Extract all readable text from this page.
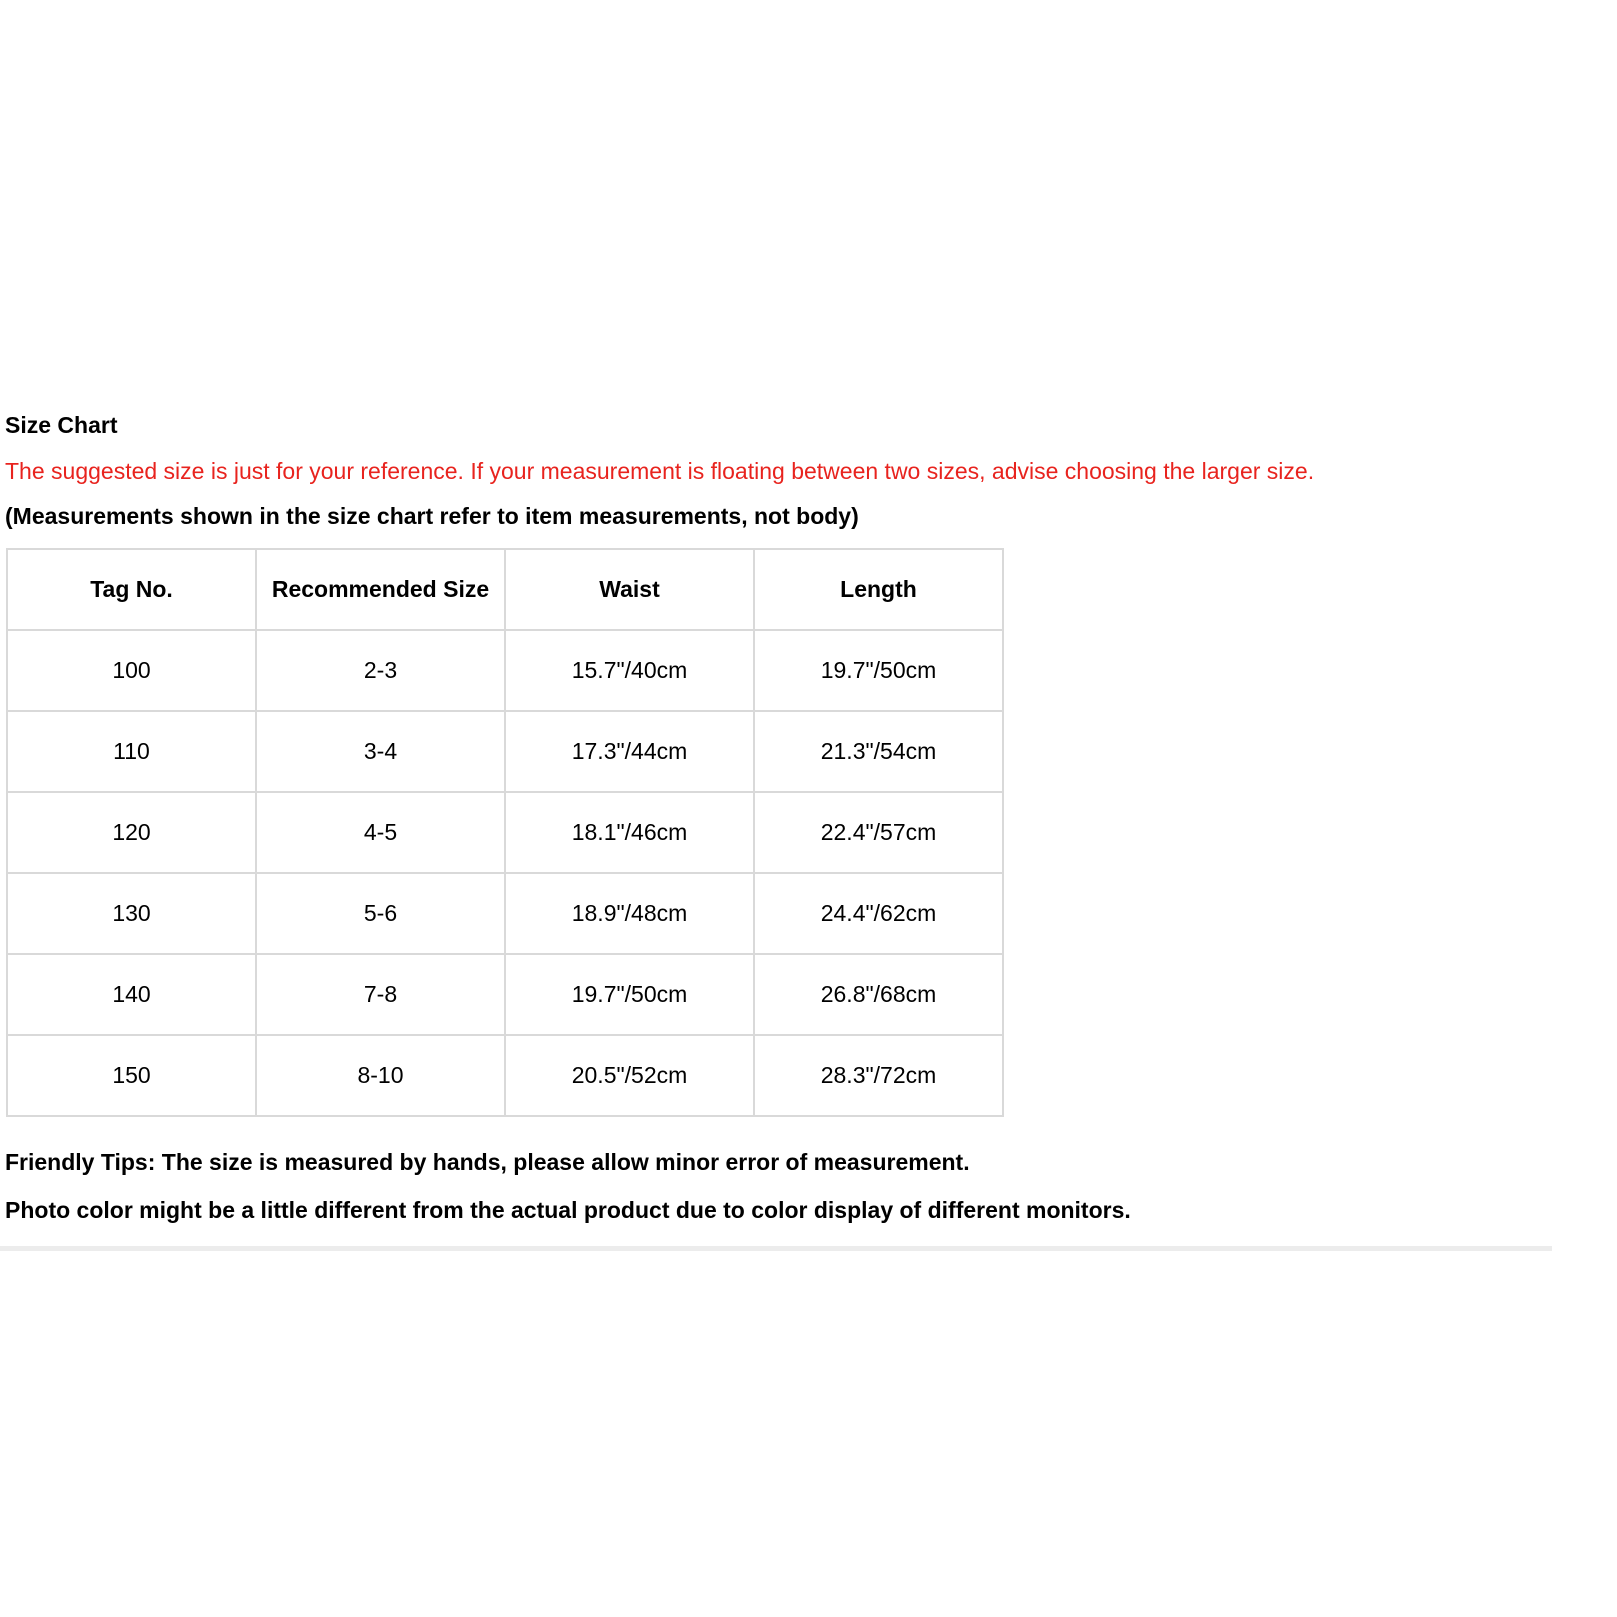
Size Chart
The suggested size is just for your reference. If your measurement is floating between two sizes, advise choosing the larger size.
(Measurements shown in the size chart refer to item measurements, not body)
Tag No.	Recommended Size	Waist	Length
100	2-3	15.7"/40cm	19.7"/50cm
110	3-4	17.3"/44cm	21.3"/54cm
120	4-5	18.1"/46cm	22.4"/57cm
130	5-6	18.9"/48cm	24.4"/62cm
140	7-8	19.7"/50cm	26.8"/68cm
150	8-10	20.5"/52cm	28.3"/72cm
Friendly Tips: The size is measured by hands, please allow minor error of measurement.
Photo color might be a little different from the actual product due to color display of different monitors.
